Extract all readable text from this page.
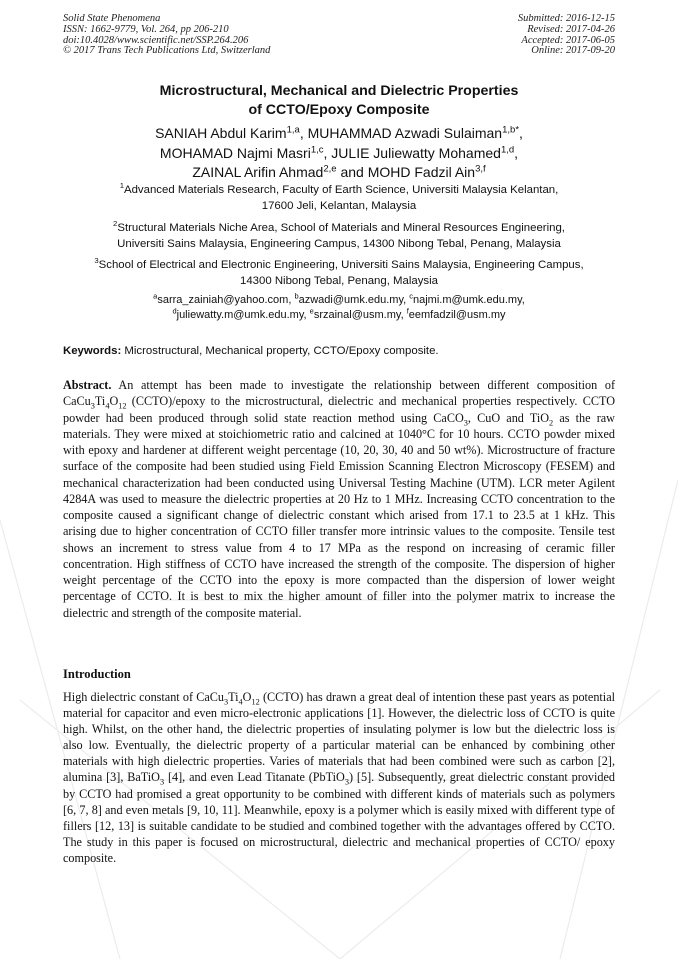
Solid State Phenomena
ISSN: 1662-9779, Vol. 264, pp 206-210
doi:10.4028/www.scientific.net/SSP.264.206
© 2017 Trans Tech Publications Ltd, Switzerland
Submitted: 2016-12-15
Revised: 2017-04-26
Accepted: 2017-06-05
Online: 2017-09-20
Microstructural, Mechanical and Dielectric Properties
of CCTO/Epoxy Composite
SANIAH Abdul Karim$^{1,a}$, MUHAMMAD Azwadi Sulaiman$^{1,b*}$,
MOHAMAD Najmi Masri$^{1,c}$, JULIE Juliewatty Mohamed$^{1,d}$,
ZAINAL Arifin Ahmad$^{2,e}$ and MOHD Fadzil Ain$^{3,f}$
$^1$Advanced Materials Research, Faculty of Earth Science, Universiti Malaysia Kelantan,
17600 Jeli, Kelantan, Malaysia
$^2$Structural Materials Niche Area, School of Materials and Mineral Resources Engineering,
Universiti Sains Malaysia, Engineering Campus, 14300 Nibong Tebal, Penang, Malaysia
$^3$School of Electrical and Electronic Engineering, Universiti Sains Malaysia, Engineering Campus,
14300 Nibong Tebal, Penang, Malaysia
$^a$sarra_zainiah@yahoo.com, $^b$azwadi@umk.edu.my, $^c$najmi.m@umk.edu.my,
$^d$juliewatty.m@umk.edu.my, $^e$srzainal@usm.my, $^f$eemfadzil@usm.my
Keywords: Microstructural, Mechanical property, CCTO/Epoxy composite.
Abstract. An attempt has been made to investigate the relationship between different composition of $CaCu_3Ti_4O_{12}$ (CCTO)/epoxy to the microstructural, dielectric and mechanical properties respectively. CCTO powder had been produced through solid state reaction method using CaCO$_3$, CuO and TiO$_2$ as the raw materials. They were mixed at stoichiometric ratio and calcined at 1040°C for 10 hours. CCTO powder mixed with epoxy and hardener at different weight percentage (10, 20, 30, 40 and 50 wt%). Microstructure of fracture surface of the composite had been studied using Field Emission Scanning Electron Microscopy (FESEM) and mechanical characterization had been conducted using Universal Testing Machine (UTM). LCR meter Agilent 4284A was used to measure the dielectric properties at 20 Hz to 1 MHz. Increasing CCTO concentration to the composite caused a significant change of dielectric constant which arised from 17.1 to 23.5 at 1 kHz. This arising due to higher concentration of CCTO filler transfer more intrinsic values to the composite. Tensile test shows an increment to stress value from 4 to 17 MPa as the respond on increasing of ceramic filler concentration. High stiffness of CCTO have increased the strength of the composite. The dispersion of higher weight percentage of the CCTO into the epoxy is more compacted than the dispersion of lower weight percentage of CCTO. It is best to mix the higher amount of filler into the polymer matrix to increase the dielectric and strength of the composite material.
Introduction
High dielectric constant of $CaCu_3Ti_4O_{12}$ (CCTO) has drawn a great deal of intention these past years as potential material for capacitor and even micro-electronic applications [1]. However, the dielectric loss of CCTO is quite high. Whilst, on the other hand, the dielectric properties of insulating polymer is low but the dielectric loss is also low. Eventually, the dielectric property of a particular material can be enhanced by combining other materials with high dielectric properties. Varies of materials that had been combined were such as carbon [2], alumina [3], BaTiO$_3$ [4], and even Lead Titanate (PbTiO$_3$) [5]. Subsequently, great dielectric constant provided by CCTO had promised a great opportunity to be combined with different kinds of materials such as polymers [6, 7, 8] and even metals [9, 10, 11]. Meanwhile, epoxy is a polymer which is easily mixed with different type of fillers [12, 13] is suitable candidate to be studied and combined together with the advantages offered by CCTO. The study in this paper is focused on microstructural, dielectric and mechanical properties of CCTO/ epoxy composite.
